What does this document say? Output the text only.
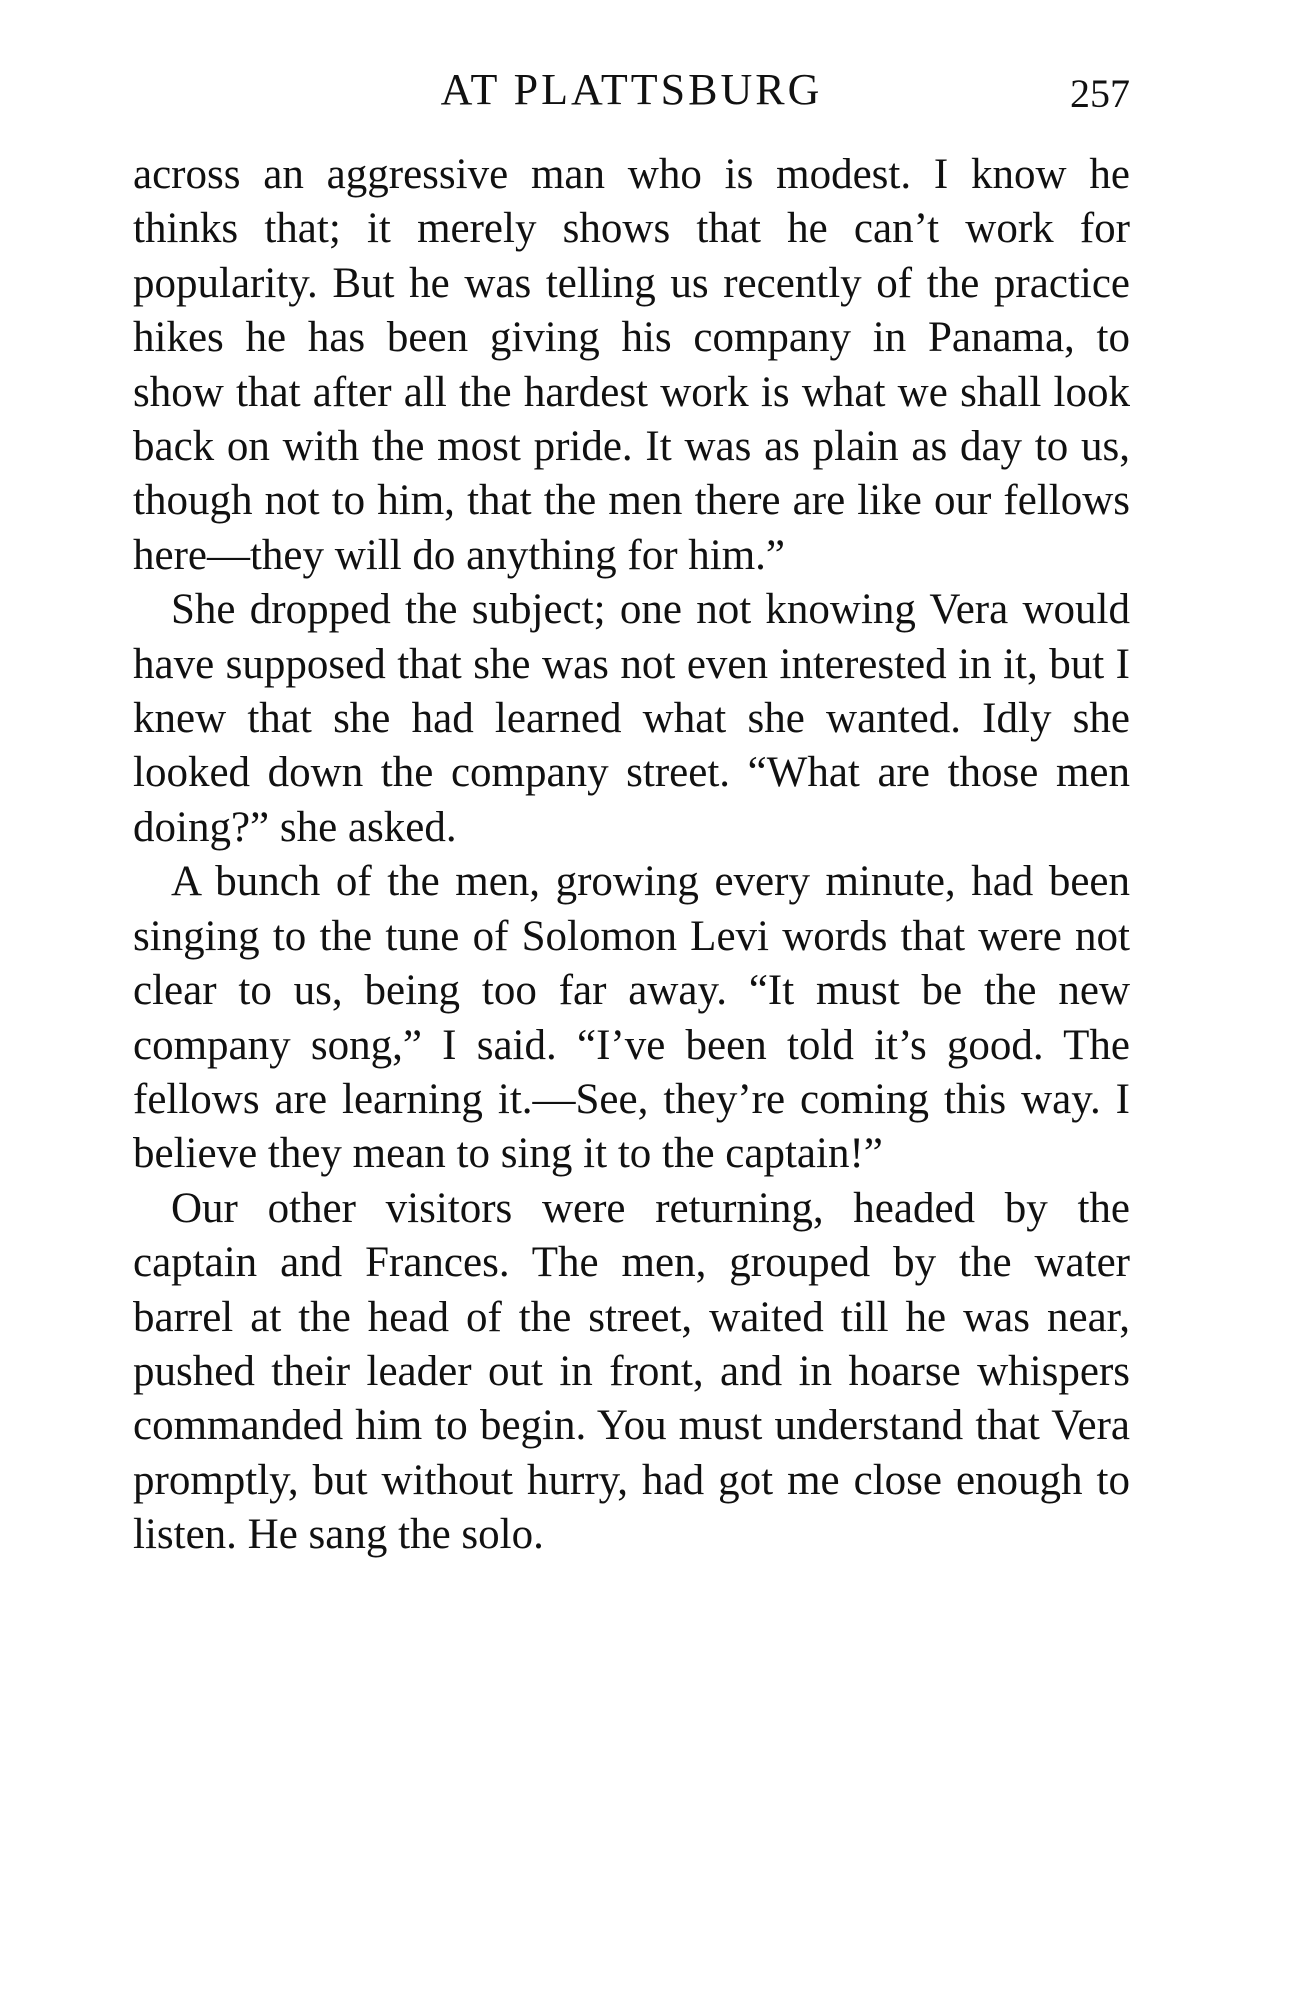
AT PLATTSBURG	257

across an aggressive man who is modest. I know he thinks that; it merely shows that he can’t work for popularity. But he was telling us recently of the practice hikes he has been giving his company in Panama, to show that after all the hardest work is what we shall look back on with the most pride. It was as plain as day to us, though not to him, that the men there are like our fellows here—they will do anything for him.”

She dropped the subject; one not knowing Vera would have supposed that she was not even interested in it, but I knew that she had learned what she wanted. Idly she looked down the company street. “What are those men doing?” she asked.

A bunch of the men, growing every minute, had been singing to the tune of Solomon Levi words that were not clear to us, being too far away. “It must be the new company song,” I said. “I’ve been told it’s good. The fellows are learning it.—See, they’re coming this way. I believe they mean to sing it to the captain!”

Our other visitors were returning, headed by the captain and Frances. The men, grouped by the water barrel at the head of the street, waited till he was near, pushed their leader out in front, and in hoarse whispers commanded him to begin. You must understand that Vera promptly, but without hurry, had got me close enough to listen. He sang the solo.
